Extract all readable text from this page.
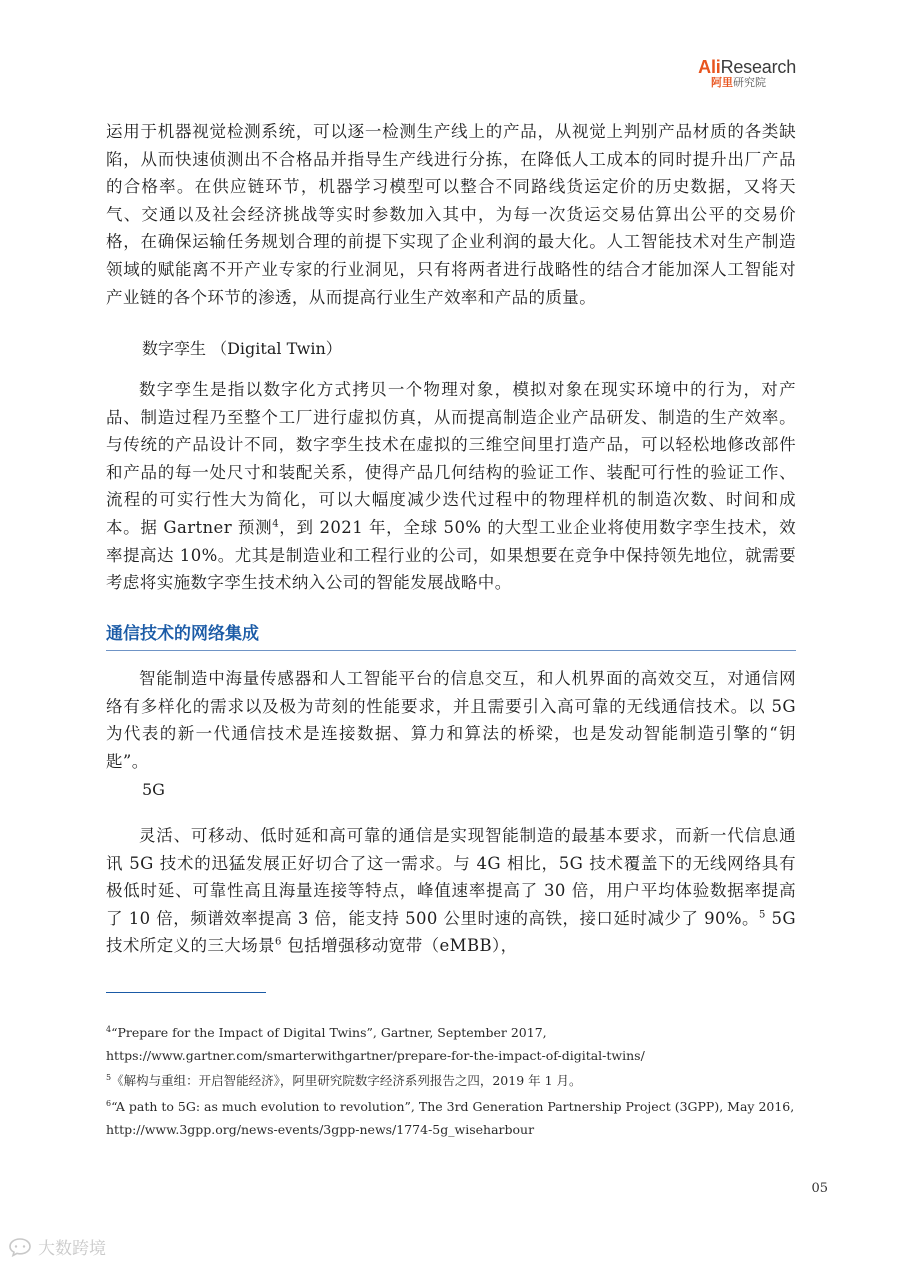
AliResearch
阿里研究院

运用于机器视觉检测系统，可以逐一检测生产线上的产品，从视觉上判别产品材质的各类缺陷，从而快速侦测出不合格品并指导生产线进行分拣，在降低人工成本的同时提升出厂产品的合格率。在供应链环节，机器学习模型可以整合不同路线货运定价的历史数据，又将天气、交通以及社会经济挑战等实时参数加入其中，为每一次货运交易估算出公平的交易价格，在确保运输任务规划合理的前提下实现了企业利润的最大化。人工智能技术对生产制造领域的赋能离不开产业专家的行业洞见，只有将两者进行战略性的结合才能加深人工智能对产业链的各个环节的渗透，从而提高行业生产效率和产品的质量。

数字孪生 （Digital Twin）

数字孪生是指以数字化方式拷贝一个物理对象，模拟对象在现实环境中的行为，对产品、制造过程乃至整个工厂进行虚拟仿真，从而提高制造企业产品研发、制造的生产效率。与传统的产品设计不同，数字孪生技术在虚拟的三维空间里打造产品，可以轻松地修改部件和产品的每一处尺寸和装配关系，使得产品几何结构的验证工作、装配可行性的验证工作、流程的可实行性大为简化，可以大幅度减少迭代过程中的物理样机的制造次数、时间和成本。据 Gartner 预测$^4$，到 2021 年，全球 50% 的大型工业企业将使用数字孪生技术，效率提高达 10%。尤其是制造业和工程行业的公司，如果想要在竞争中保持领先地位，就需要考虑将实施数字孪生技术纳入公司的智能发展战略中。

通信技术的网络集成

智能制造中海量传感器和人工智能平台的信息交互，和人机界面的高效交互，对通信网络有多样化的需求以及极为苛刻的性能要求，并且需要引入高可靠的无线通信技术。以 5G 为代表的新一代通信技术是连接数据、算力和算法的桥梁，也是发动智能制造引擎的“钥匙”。

5G

灵活、可移动、低时延和高可靠的通信是实现智能制造的最基本要求，而新一代信息通讯 5G 技术的迅猛发展正好切合了这一需求。与 4G 相比，5G 技术覆盖下的无线网络具有极低时延、可靠性高且海量连接等特点，峰值速率提高了 30 倍，用户平均体验数据率提高了 10 倍，频谱效率提高 3 倍，能支持 500 公里时速的高铁，接口延时减少了 90%。$^5$ 5G 技术所定义的三大场景$^6$ 包括增强移动宽带（eMBB），

$^4$“Prepare for the Impact of Digital Twins”, Gartner, September 2017,
https://www.gartner.com/smarterwithgartner/prepare-for-the-impact-of-digital-twins/

$^5$《解构与重组：开启智能经济》，阿里研究院数字经济系列报告之四，2019 年 1 月。

$^6$“A path to 5G: as much evolution to revolution”, The 3rd Generation Partnership Project (3GPP), May 2016,
http://www.3gpp.org/news-events/3gpp-news/1774-5g_wiseharbour

05

大数跨境
